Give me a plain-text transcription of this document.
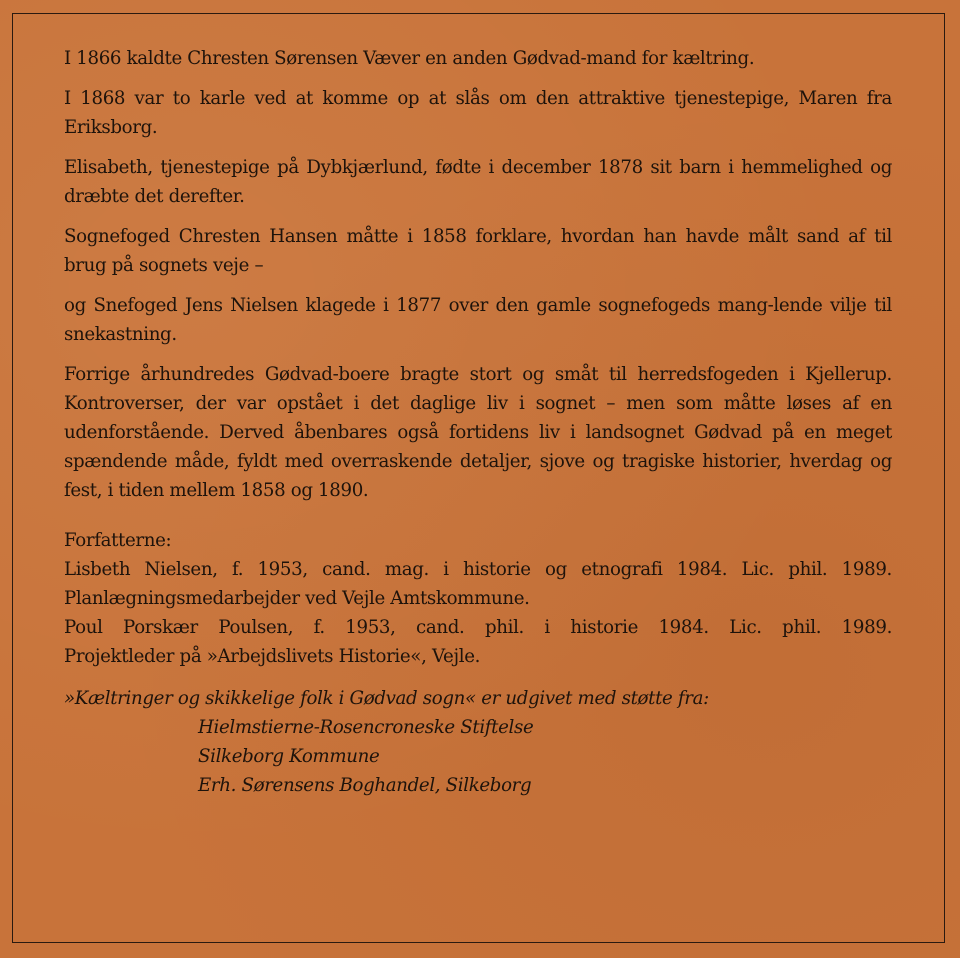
I 1866 kaldte Chresten Sørensen Væver en anden Gødvad-mand for kæltring.

I 1868 var to karle ved at komme op at slås om den attraktive tjenestepige, Maren fra Eriksborg.

Elisabeth, tjenestepige på Dybkjærlund, fødte i december 1878 sit barn i hemmelighed og dræbte det derefter.

Sognefoged Chresten Hansen måtte i 1858 forklare, hvordan han havde målt sand af til brug på sognets veje –

og Snefoged Jens Nielsen klagede i 1877 over den gamle sognefogeds mang-lende vilje til snekastning.

Forrige århundredes Gødvad-boere bragte stort og småt til herredsfogeden i Kjellerup. Kontroverser, der var opstået i det daglige liv i sognet – men som måtte løses af en udenforstående. Derved åbenbares også fortidens liv i landsognet Gødvad på en meget spændende måde, fyldt med overraskende detaljer, sjove og tragiske historier, hverdag og fest, i tiden mellem 1858 og 1890.

Forfatterne:
Lisbeth Nielsen, f. 1953, cand. mag. i historie og etnografi 1984. Lic. phil. 1989.
Planlægningsmedarbejder ved Vejle Amtskommune.
Poul Porskær Poulsen, f. 1953, cand. phil. i historie 1984. Lic. phil. 1989.
Projektleder på »Arbejdslivets Historie«, Vejle.
»Kæltringer og skikkelige folk i Gødvad sogn« er udgivet med støtte fra:
Hielmstierne-Rosencroneske Stiftelse
Silkeborg Kommune
Erh. Sørensens Boghandel, Silkeborg
